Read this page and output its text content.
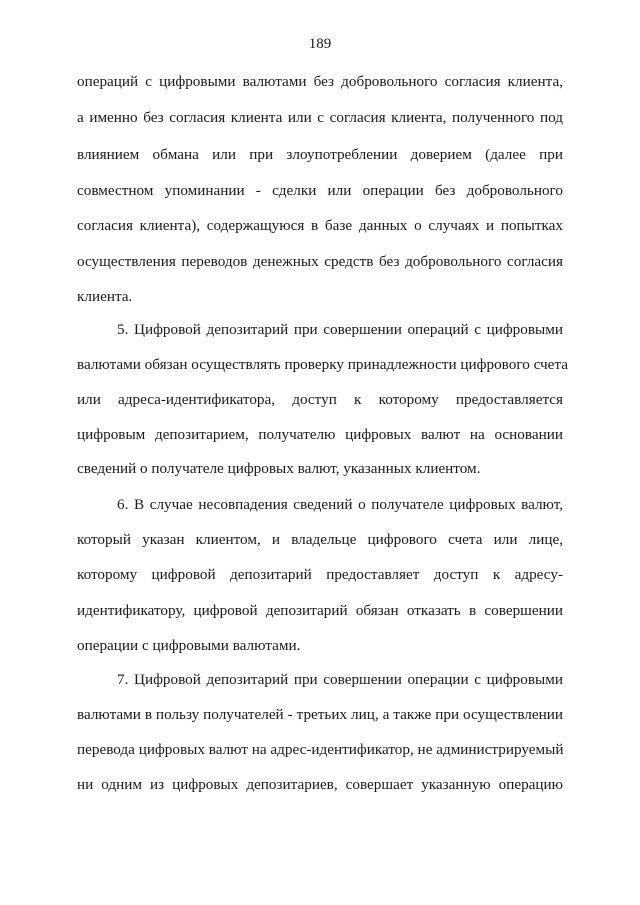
189
операций с цифровыми валютами без добровольного согласия клиента,
а именно без согласия клиента или с согласия клиента, полученного под
влиянием обмана или при злоупотреблении доверием (далее при
совместном упоминании - сделки или операции без добровольного
согласия клиента), содержащуюся в базе данных о случаях и попытках
осуществления переводов денежных средств без добровольного согласия
клиента.
5. Цифровой депозитарий при совершении операций с цифровыми
валютами обязан осуществлять проверку принадлежности цифрового счета
или адреса-идентификатора, доступ к которому предоставляется
цифровым депозитарием, получателю цифровых валют на основании
сведений о получателе цифровых валют, указанных клиентом.
6. В случае несовпадения сведений о получателе цифровых валют,
который указан клиентом, и владельце цифрового счета или лице,
которому цифровой депозитарий предоставляет доступ к адресу-
идентификатору, цифровой депозитарий обязан отказать в совершении
операции с цифровыми валютами.
7. Цифровой депозитарий при совершении операции с цифровыми
валютами в пользу получателей - третьих лиц, а также при осуществлении
перевода цифровых валют на адрес-идентификатор, не администрируемый
ни одним из цифровых депозитариев, совершает указанную операцию
